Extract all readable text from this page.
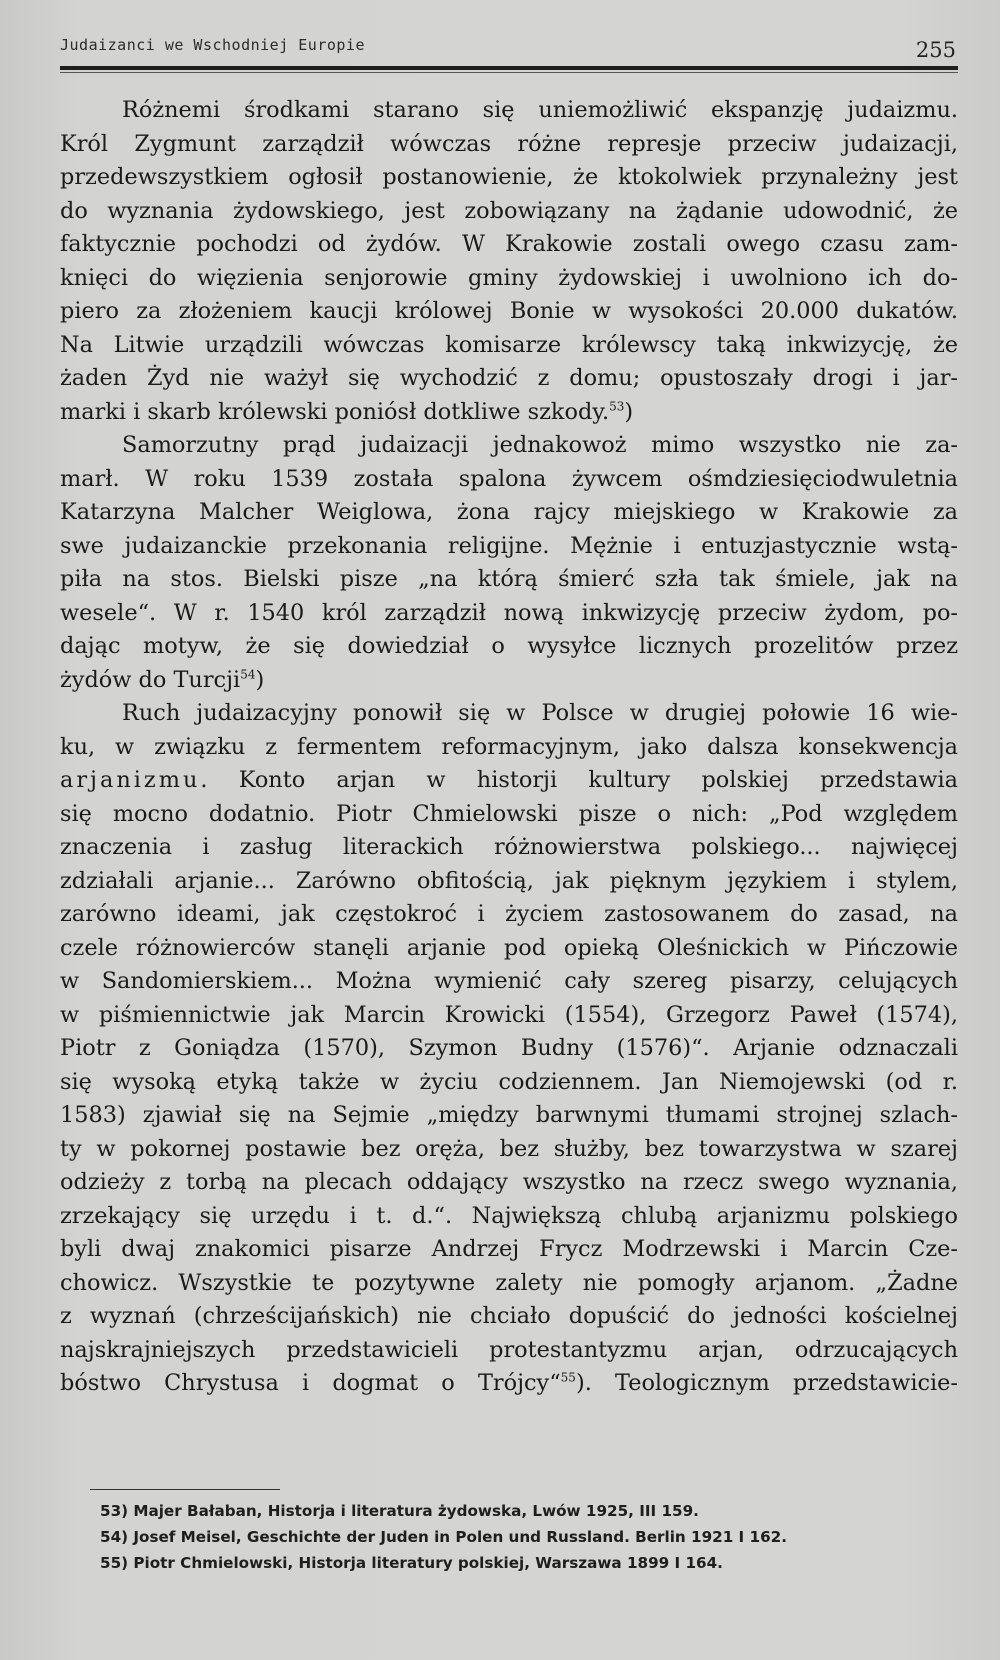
Judaizanci we Wschodniej Europie	255
Różnemi środkami starano się uniemożliwić ekspanzję judaizmu.
Król Zygmunt zarządził wówczas różne represje przeciw judaizacji,
przedewszystkiem ogłosił postanowienie, że ktokolwiek przynależny jest
do wyznania żydowskiego, jest zobowiązany na żądanie udowodnić, że
faktycznie pochodzi od żydów. W Krakowie zostali owego czasu zam-
knięci do więzienia senjorowie gminy żydowskiej i uwolniono ich do-
piero za złożeniem kaucji królowej Bonie w wysokości 20.000 dukatów.
Na Litwie urządzili wówczas komisarze królewscy taką inkwizycję, że
żaden Żyd nie ważył się wychodzić z domu; opustoszały drogi i jar-
marki i skarb królewski poniósł dotkliwe szkody.$^{53}$)
Samorzutny prąd judaizacji jednakowoż mimo wszystko nie za-
marł. W roku 1539 została spalona żywcem ośmdziesięciodwuletnia
Katarzyna Malcher Weiglowa, żona rajcy miejskiego w Krakowie za
swe judaizanckie przekonania religijne. Mężnie i entuzjastycznie wstą-
piła na stos. Bielski pisze „na którą śmierć szła tak śmiele, jak na
wesele“. W r. 1540 król zarządził nową inkwizycję przeciw żydom, po-
dając motyw, że się dowiedział o wysyłce licznych prozelitów przez
żydów do Turcji$^{54}$)
Ruch judaizacyjny ponowił się w Polsce w drugiej połowie 16 wie-
ku, w związku z fermentem reformacyjnym, jako dalsza konsekwencja
arjanizmu. Konto arjan w historji kultury polskiej przedstawia
się mocno dodatnio. Piotr Chmielowski pisze o nich: „Pod względem
znaczenia i zasług literackich różnowierstwa polskiego... najwięcej
zdziałali arjanie... Zarówno obfitością, jak pięknym językiem i stylem,
zarówno ideami, jak częstokroć i życiem zastosowanem do zasad, na
czele różnowierców stanęli arjanie pod opieką Oleśnickich w Pińczowie
w Sandomierskiem... Można wymienić cały szereg pisarzy, celujących
w piśmiennictwie jak Marcin Krowicki (1554), Grzegorz Paweł (1574),
Piotr z Goniądza (1570), Szymon Budny (1576)“. Arjanie odznaczali
się wysoką etyką także w życiu codziennem. Jan Niemojewski (od r.
1583) zjawiał się na Sejmie „między barwnymi tłumami strojnej szlach-
ty w pokornej postawie bez oręża, bez służby, bez towarzystwa w szarej
odzieży z torbą na plecach oddający wszystko na rzecz swego wyznania,
zrzekający się urzędu i t. d.“. Największą chlubą arjanizmu polskiego
byli dwaj znakomici pisarze Andrzej Frycz Modrzewski i Marcin Cze-
chowicz. Wszystkie te pozytywne zalety nie pomogły arjanom. „Żadne
z wyznań (chrześcijańskich) nie chciało dopuścić do jedności kościelnej
najskrajniejszych przedstawicieli protestantyzmu arjan, odrzucających
bóstwo Chrystusa i dogmat o Trójcy“$^{55}$). Teologicznym przedstawicie-
53) Majer Bałaban, Historja i literatura żydowska, Lwów 1925, III 159.
54) Josef Meisel, Geschichte der Juden in Polen und Russland. Berlin 1921 I 162.
55) Piotr Chmielowski, Historja literatury polskiej, Warszawa 1899 I 164.
